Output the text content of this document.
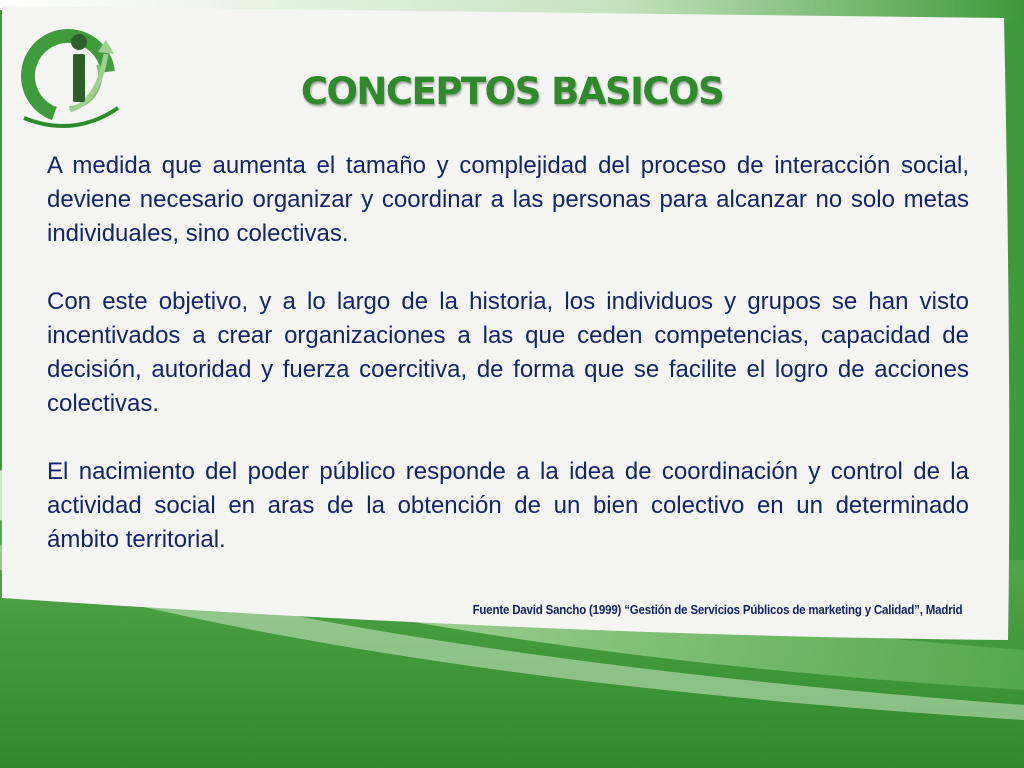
CONCEPTOS BASICOS

A medida que aumenta el tamaño y complejidad del proceso de interacción social, deviene necesario organizar y coordinar a las personas para alcanzar no solo metas individuales, sino colectivas.

Con este objetivo, y a lo largo de la historia, los individuos y grupos se han visto incentivados a crear organizaciones a las que ceden competencias, capacidad de decisión, autoridad y fuerza coercitiva, de forma que se facilite el logro de acciones colectivas.

El nacimiento del poder público responde a la idea de coordinación y control de la actividad social en aras de la obtención de un bien colectivo en un determinado ámbito territorial.

Fuente David Sancho (1999) “Gestión de Servicios Públicos de marketing y Calidad”, Madrid
